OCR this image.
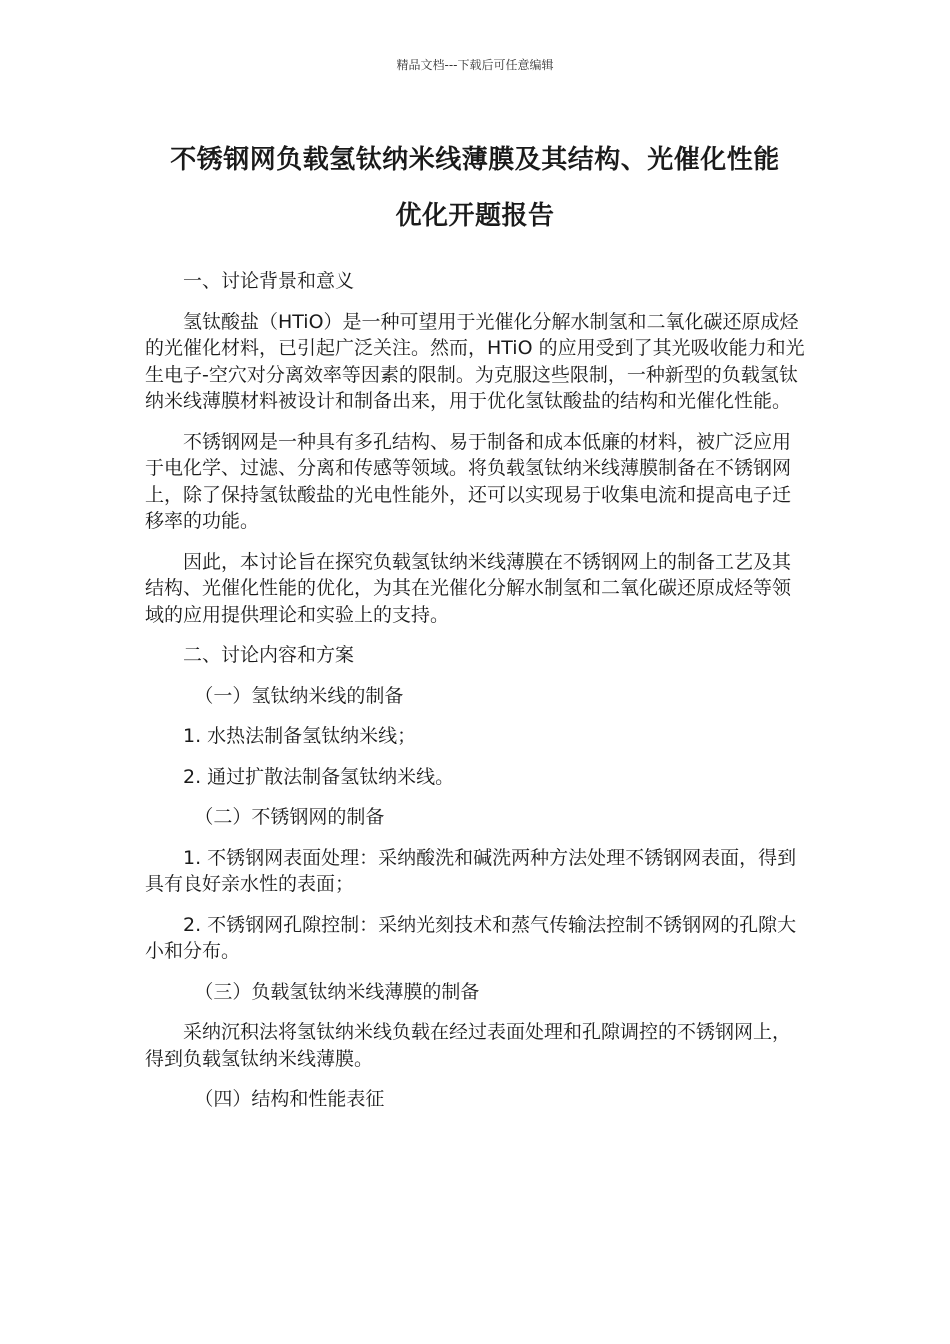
精品文档---下载后可任意编辑
不锈钢网负载氢钛纳米线薄膜及其结构、光催化性能
优化开题报告

一、讨论背景和意义

氢钛酸盐（HTiO）是一种可望用于光催化分解水制氢和二氧化碳还原成烃的光催化材料，已引起广泛关注。然而，HTiO 的应用受到了其光吸收能力和光生电子-空穴对分离效率等因素的限制。为克服这些限制，一种新型的负载氢钛纳米线薄膜材料被设计和制备出来，用于优化氢钛酸盐的结构和光催化性能。

不锈钢网是一种具有多孔结构、易于制备和成本低廉的材料，被广泛应用于电化学、过滤、分离和传感等领域。将负载氢钛纳米线薄膜制备在不锈钢网上，除了保持氢钛酸盐的光电性能外，还可以实现易于收集电流和提高电子迁移率的功能。

因此，本讨论旨在探究负载氢钛纳米线薄膜在不锈钢网上的制备工艺及其结构、光催化性能的优化，为其在光催化分解水制氢和二氧化碳还原成烃等领域的应用提供理论和实验上的支持。

二、讨论内容和方案

（一）氢钛纳米线的制备

1. 水热法制备氢钛纳米线；

2. 通过扩散法制备氢钛纳米线。

（二）不锈钢网的制备

1. 不锈钢网表面处理：采纳酸洗和碱洗两种方法处理不锈钢网表面，得到具有良好亲水性的表面；

2. 不锈钢网孔隙控制：采纳光刻技术和蒸气传输法控制不锈钢网的孔隙大小和分布。

（三）负载氢钛纳米线薄膜的制备

采纳沉积法将氢钛纳米线负载在经过表面处理和孔隙调控的不锈钢网上，得到负载氢钛纳米线薄膜。

（四）结构和性能表征
